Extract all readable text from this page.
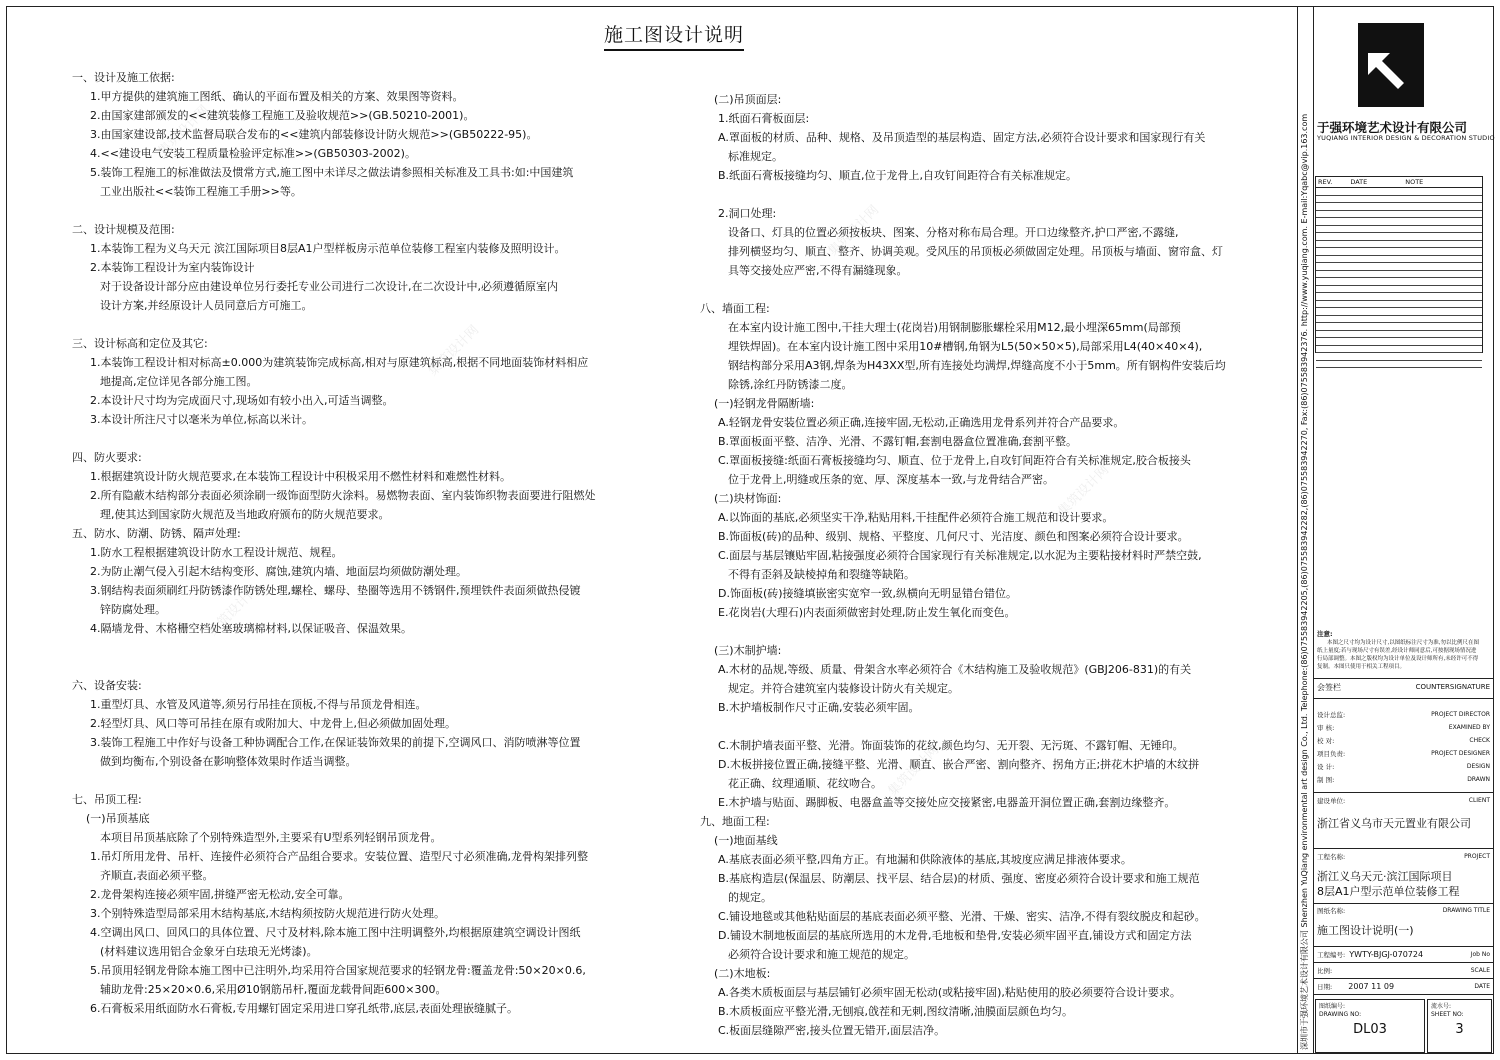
集筑设计网
集筑设计网
集筑设计网
集筑设计网
集筑设计网
集筑设计网
施工图设计说明

一、设计及施工依据:

1.甲方提供的建筑施工图纸、确认的平面布置及相关的方案、效果图等资料。

2.由国家建部颁发的<<建筑装修工程施工及验收规范>>(GB.50210-2001)。

3.由国家建设部,技术监督局联合发布的<<建筑内部装修设计防火规范>>(GB50222-95)。

4.<<建设电气安装工程质量检验评定标准>>(GB50303-2002)。

5.装饰工程施工的标准做法及惯常方式,施工图中未详尽之做法请参照相关标准及工具书:如:中国建筑

工业出版社<<装饰工程施工手册>>等。

二、设计规模及范围:

1.本装饰工程为义乌天元 滨江国际项目8层A1户型样板房示范单位装修工程室内装修及照明设计。

2.本装饰工程设计为室内装饰设计

对于设备设计部分应由建设单位另行委托专业公司进行二次设计,在二次设计中,必须遵循原室内

设计方案,并经原设计人员同意后方可施工。

三、设计标高和定位及其它:

1.本装饰工程设计相对标高±0.000为建筑装饰完成标高,相对与原建筑标高,根据不同地面装饰材料相应

地提高,定位详见各部分施工图。

2.本设计尺寸均为完成面尺寸,现场如有较小出入,可适当调整。

3.本设计所注尺寸以毫米为单位,标高以米计。

四、防火要求:

1.根据建筑设计防火规范要求,在本装饰工程设计中积极采用不燃性材料和难燃性材料。

2.所有隐蔽木结构部分表面必须涂刷一级饰面型防火涂料。易燃物表面、室内装饰织物表面要进行阻燃处

理,使其达到国家防火规范及当地政府颁布的防火规范要求。

五、防水、防潮、防锈、隔声处理:

1.防水工程根据建筑设计防水工程设计规范、规程。

2.为防止潮气侵入引起木结构变形、腐蚀,建筑内墙、地面层均须做防潮处理。

3.钢结构表面须刷红丹防锈漆作防锈处理,螺栓、螺母、垫圈等选用不锈钢件,预埋铁件表面须做热侵镀

锌防腐处理。

4.隔墙龙骨、木格栅空档处塞玻璃棉材料,以保证吸音、保温效果。

六、设备安装:

1.重型灯具、水管及风道等,须另行吊挂在顶板,不得与吊顶龙骨相连。

2.轻型灯具、风口等可吊挂在原有或附加大、中龙骨上,但必须做加固处理。

3.装饰工程施工中作好与设备工种协调配合工作,在保证装饰效果的前提下,空调风口、消防喷淋等位置

做到均衡布,个别设备在影响整体效果时作适当调整。

七、吊顶工程:

(一)吊顶基底

本项目吊顶基底除了个别特殊造型外,主要采有U型系列轻钢吊顶龙骨。

1.吊灯所用龙骨、吊杆、连接件必须符合产品组合要求。安装位置、造型尺寸必须准确,龙骨构架排列整

齐顺直,表面必须平整。

2.龙骨架构连接必须牢固,拼缝严密无松动,安全可靠。

3.个别特殊造型局部采用木结构基底,木结构须按防火规范进行防火处理。

4.空调出风口、回风口的具体位置、尺寸及材料,除本施工图中注明调整外,均根据原建筑空调设计图纸

(材料建议选用铝合金象牙白珐琅无光烤漆)。

5.吊顶用轻钢龙骨除本施工图中已注明外,均采用符合国家规范要求的轻钢龙骨:覆盖龙骨:50×20×0.6,

辅助龙骨:25×20×0.6,采用Ø10钢筋吊杆,覆面龙载骨间距600×300。

6.石膏板采用纸面防水石膏板,专用螺钉固定采用进口穿孔纸带,底层,表面处理嵌缝腻子。

(二)吊顶面层:

1.纸面石膏板面层:

A.罩面板的材质、品种、规格、及吊顶造型的基层构造、固定方法,必须符合设计要求和国家现行有关

标准规定。

B.纸面石膏板接缝均匀、顺直,位于龙骨上,自攻钉间距符合有关标准规定。

2.洞口处理:

设备口、灯具的位置必须按板块、图案、分格对称布局合理。开口边缘整齐,护口严密,不露缝,

排列横竖均匀、顺直、整齐、协调美观。受风压的吊顶板必须做固定处理。吊顶板与墙面、窗帘盒、灯

具等交接处应严密,不得有漏缝现象。

八、墙面工程:

在本室内设计施工图中,干挂大理士(花岗岩)用钢制膨胀螺栓采用M12,最小埋深65mm(局部预

埋铁焊固)。在本室内设计施工图中采用10#槽钢,角钢为L5(50×50×5),局部采用L4(40×40×4),

钢结构部分采用A3钢,焊条为H43XX型,所有连接处均满焊,焊缝高度不小于5mm。所有钢构件安装后均

除锈,涂红丹防锈漆二度。

(一)轻钢龙骨隔断墙:

A.轻钢龙骨安装位置必须正确,连接牢固,无松动,正确选用龙骨系列并符合产品要求。

B.罩面板面平整、洁净、光滑、不露钉帽,套割电器盒位置准确,套割平整。

C.罩面板接缝:纸面石膏板接缝均匀、顺直、位于龙骨上,自攻钉间距符合有关标准规定,胶合板接头

位于龙骨上,明缝或压条的宽、厚、深度基本一致,与龙骨结合严密。

(二)块材饰面:

A.以饰面的基底,必须坚实干净,粘贴用料,干挂配件必须符合施工规范和设计要求。

B.饰面板(砖)的品种、级别、规格、平整度、几何尺寸、光洁度、颜色和图案必须符合设计要求。

C.面层与基层镶贴牢固,粘接强度必须符合国家现行有关标准规定,以水泥为主要粘接材料时严禁空鼓,

不得有歪斜及缺棱掉角和裂缝等缺陷。

D.饰面板(砖)接缝填嵌密实宽窄一致,纵横向无明显错台错位。

E.花岗岩(大理石)内表面须做密封处理,防止发生氧化而变色。

(三)木制护墙:

A.木材的品规,等级、质量、骨架含水率必须符合《木结构施工及验收规范》(GBJ206-831)的有关

规定。并符合建筑室内装修设计防火有关规定。

B.木护墙板制作尺寸正确,安装必须牢固。

C.木制护墙表面平整、光滑。饰面装饰的花纹,颜色均匀、无开裂、无污斑、不露钉帽、无锤印。

D.木板拼接位置正确,接缝平整、光滑、顺直、嵌合严密、割向整齐、拐角方正;拼花木护墙的木纹拼

花正确、纹理通顺、花纹吻合。

E.木护墙与贴面、踢脚板、电器盒盖等交接处应交接紧密,电器盖开洞位置正确,套割边缘整齐。

九、地面工程:

(一)地面基线

A.基底表面必须平整,四角方正。有地漏和供除液体的基底,其坡度应满足排液体要求。

B.基底构造层(保温层、防潮层、找平层、结合层)的材质、强度、密度必须符合设计要求和施工规范

的规定。

C.铺设地毯或其他粘贴面层的基底表面必须平整、光滑、干燥、密实、洁净,不得有裂纹脱皮和起砂。

D.铺设木制地板面层的基底所选用的木龙骨,毛地板和垫骨,安装必须牢固平直,铺设方式和固定方法

必须符合设计要求和施工规范的规定。

(二)木地板:

A.各类木质板面层与基层铺钉必须牢固无松动(或粘接牢固),粘贴使用的胶必须要符合设计要求。

B.木质板面应平整光滑,无刨痕,戗茬和无刺,图纹清晰,油膜面层颜色均匀。

C.板面层缝隙严密,接头位置无错开,面层洁净。	深圳市于强环境艺术设计有限公司 Shenzhen YuQiang environmental art design Co., Ltd. Telephone:(86)075583942205,(86)075583942282,(86)075583942270, Fax:(86)075583942376. http://www.yuqiang.com. E-mail:Yqabc@vip.163.com 于强环境艺术设计有限公司
YUQIANG INTERIOR DESIGN & DECORATION STUDIO
REV.	DATE	NOTE
注意:
本图之尺寸均为设计尺寸,以图纸标注尺寸为准,勿以比例尺在图纸上量度;若与现场尺寸有误差,经设计师同意后,可按据现场情况进行局部调整。本图之版权均为设计单位及设计师所有,未经许可不得复制。本图只使用于相关工程项目。
会签栏	COUNTERSIGNATURE
设计总监:	PROJECT DIRECTOR
审 核:	EXAMINED BY
校 对:	CHECK
项目负责:	PROJECT DESIGNER
设 计:	DESIGN
制 图:	DRAWN
建设单位:	CLIENT
浙江省义乌市天元置业有限公司
工程名称:	PROJECT
浙江义乌天元·滨江国际项目
8层A1户型示范单位装修工程
图纸名称:	DRAWING TITLE
施工图设计说明(一)
工程编号: YWTY-BJGJ-070724	Job No
比例:	SCALE
日期: 2007 11 09	DATE
图纸编号:
DRAWING NO:
DL03
流水号:
SHEET NO:
3
